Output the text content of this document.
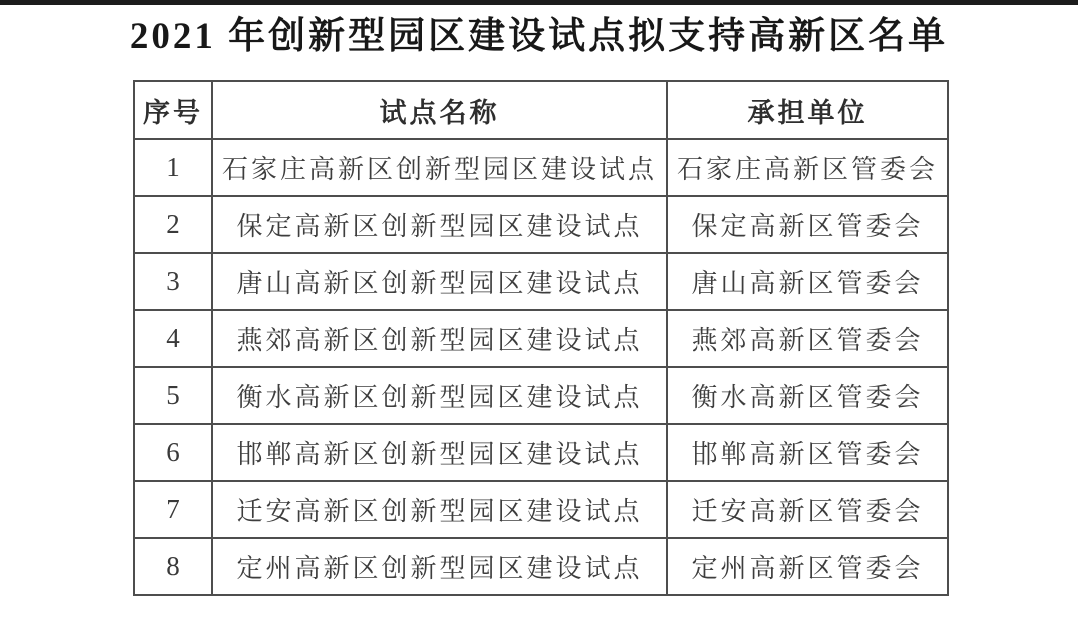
2021 年创新型园区建设试点拟支持高新区名单
序号	试点名称	承担单位
1	石家庄高新区创新型园区建设试点	石家庄高新区管委会
2	保定高新区创新型园区建设试点	保定高新区管委会
3	唐山高新区创新型园区建设试点	唐山高新区管委会
4	燕郊高新区创新型园区建设试点	燕郊高新区管委会
5	衡水高新区创新型园区建设试点	衡水高新区管委会
6	邯郸高新区创新型园区建设试点	邯郸高新区管委会
7	迁安高新区创新型园区建设试点	迁安高新区管委会
8	定州高新区创新型园区建设试点	定州高新区管委会
